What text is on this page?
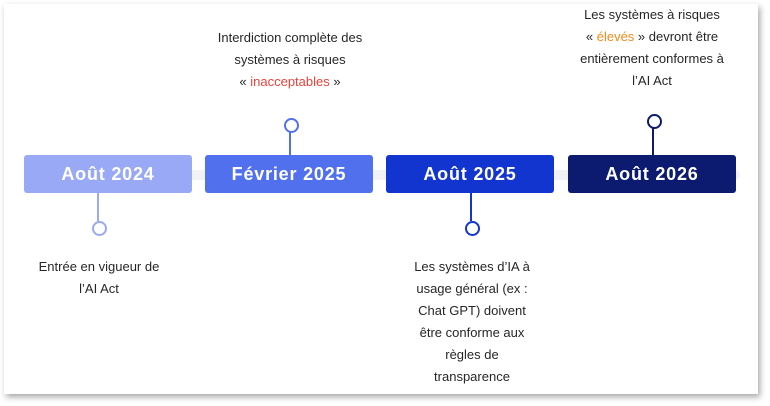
Août 2024
Entrée en vigueur de
l’AI Act
Février 2025
Interdiction complète des
systèmes à risques
« inacceptables »
Août 2025
Les systèmes d’IA à
usage général (ex :
Chat GPT) doivent
être conforme aux
règles de
transparence
Août 2026
Les systèmes à risques
« élevés » devront être
entièrement conformes à
l’AI Act
